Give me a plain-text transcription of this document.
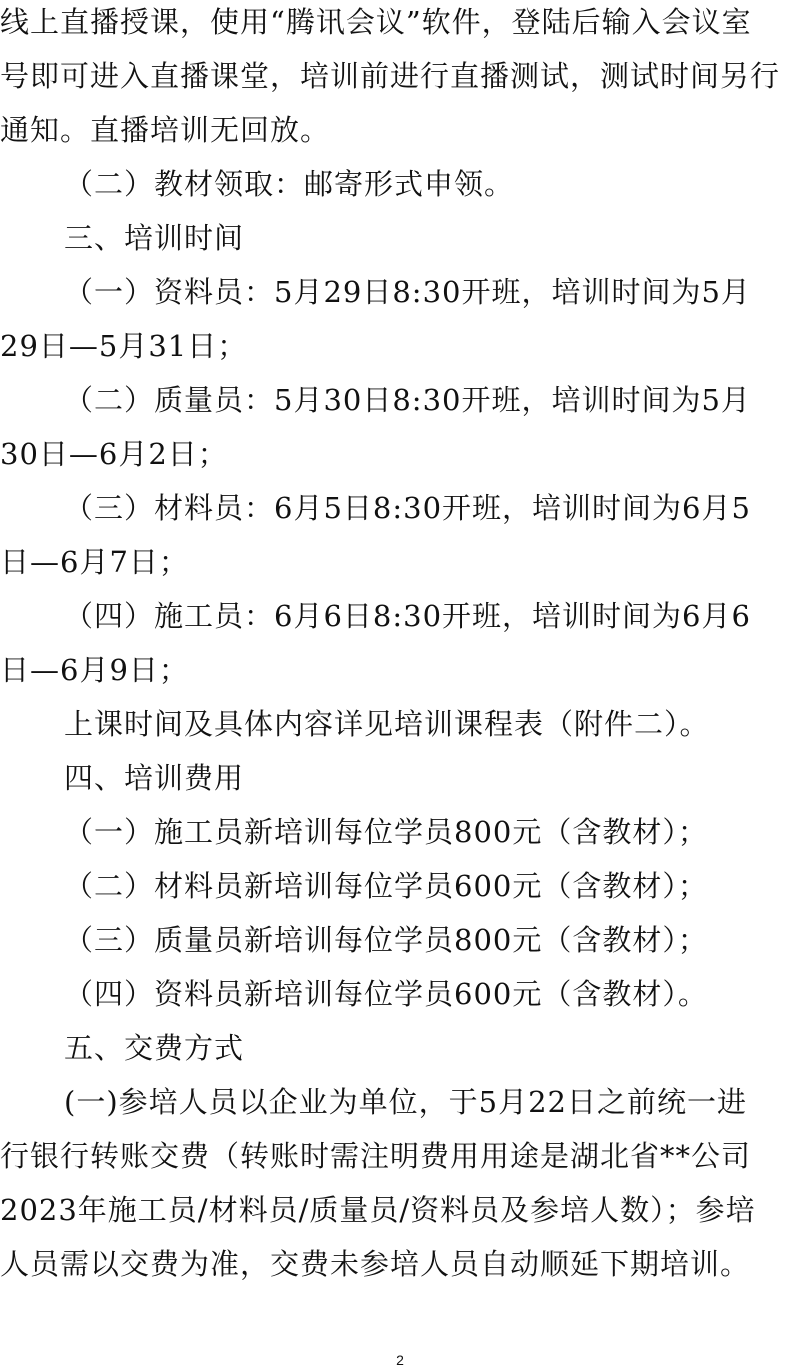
线上直播授课，使用“腾讯会议”软件，登陆后输入会议室
号即可进入直播课堂，培训前进行直播测试，测试时间另行
通知。直播培训无回放。
（二）教材领取：邮寄形式申领。
三、培训时间
（一）资料员：5月29日8:30开班，培训时间为5月
29日—5月31日；
（二）质量员：5月30日8:30开班，培训时间为5月
30日—6月2日；
（三）材料员：6月5日8:30开班，培训时间为6月5
日—6月7日；
（四）施工员：6月6日8:30开班，培训时间为6月6
日—6月9日；
上课时间及具体内容详见培训课程表（附件二）。
四、培训费用
（一）施工员新培训每位学员800元（含教材）；
（二）材料员新培训每位学员600元（含教材）；
（三）质量员新培训每位学员800元（含教材）；
（四）资料员新培训每位学员600元（含教材）。
五、交费方式
(一)参培人员以企业为单位，于5月22日之前统一进
行银行转账交费（转账时需注明费用用途是湖北省**公司
2023年施工员/材料员/质量员/资料员及参培人数）；参培
人员需以交费为准，交费未参培人员自动顺延下期培训。
2
